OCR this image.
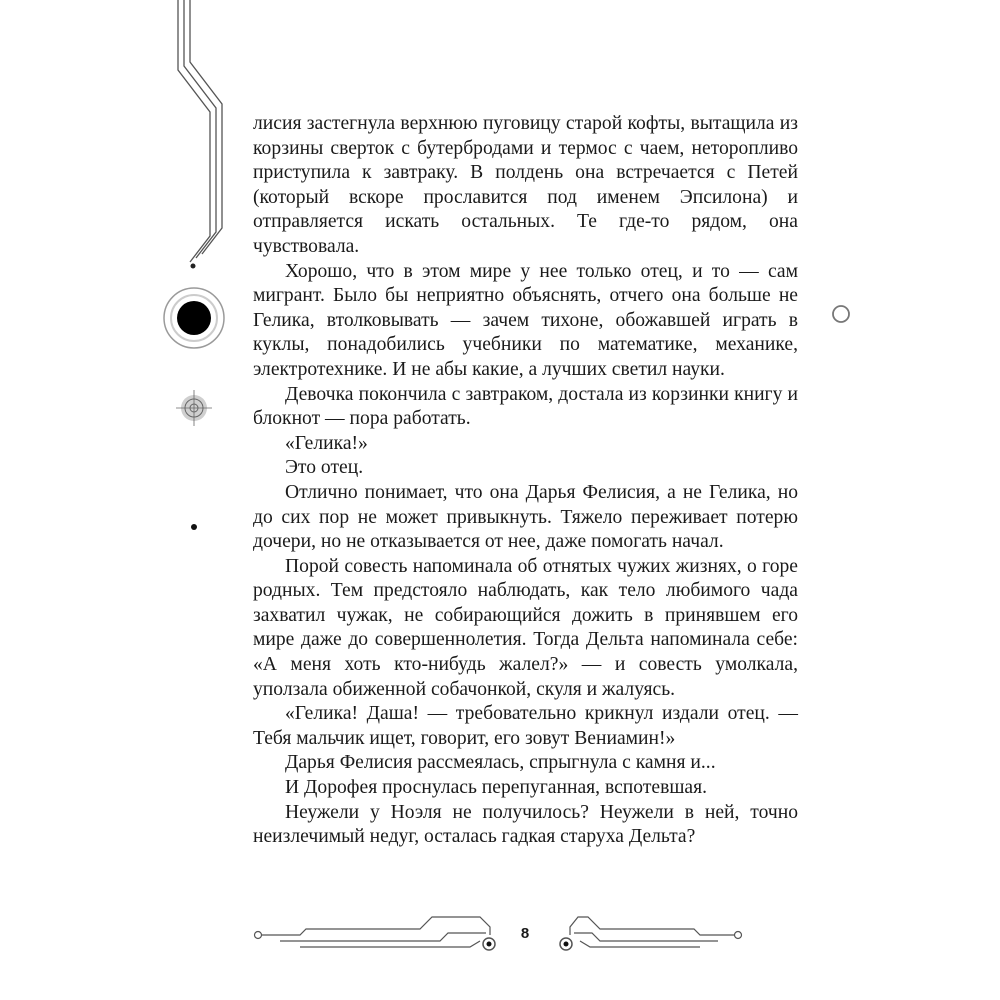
лисия застегнула верхнюю пуговицу старой кофты, вытащила из корзины сверток с бутербродами и термос с чаем, неторопливо приступила к завтраку. В полдень она встречается с Петей (который вскоре прославится под именем Эпсилона) и отправляется искать остальных. Те где-то рядом, она чувствовала.

Хорошо, что в этом мире у нее только отец, и то — сам мигрант. Было бы неприятно объяснять, отчего она больше не Гелика, втолковывать — зачем тихоне, обожавшей играть в куклы, понадобились учебники по математике, механике, электротехнике. И не абы какие, а лучших светил науки.

Девочка покончила с завтраком, достала из корзинки книгу и блокнот — пора работать.

«Гелика!»

Это отец.

Отлично понимает, что она Дарья Фелисия, а не Гелика, но до сих пор не может привыкнуть. Тяжело переживает потерю дочери, но не отказывается от нее, даже помогать начал.

Порой совесть напоминала об отнятых чужих жизнях, о горе родных. Тем предстояло наблюдать, как тело любимого чада захватил чужак, не собирающийся дожить в принявшем его мире даже до совершеннолетия. Тогда Дельта напоминала себе: «А меня хоть кто-нибудь жалел?» — и совесть умолкала, уползала обиженной собачонкой, скуля и жалуясь.

«Гелика! Даша! — требовательно крикнул издали отец. — Тебя мальчик ищет, говорит, его зовут Вениамин!»

Дарья Фелисия рассмеялась, спрыгнула с камня и...

И Дорофея проснулась перепуганная, вспотевшая.

Неужели у Ноэля не получилось? Неужели в ней, точно неизлечимый недуг, осталась гадкая старуха Дельта?

8
